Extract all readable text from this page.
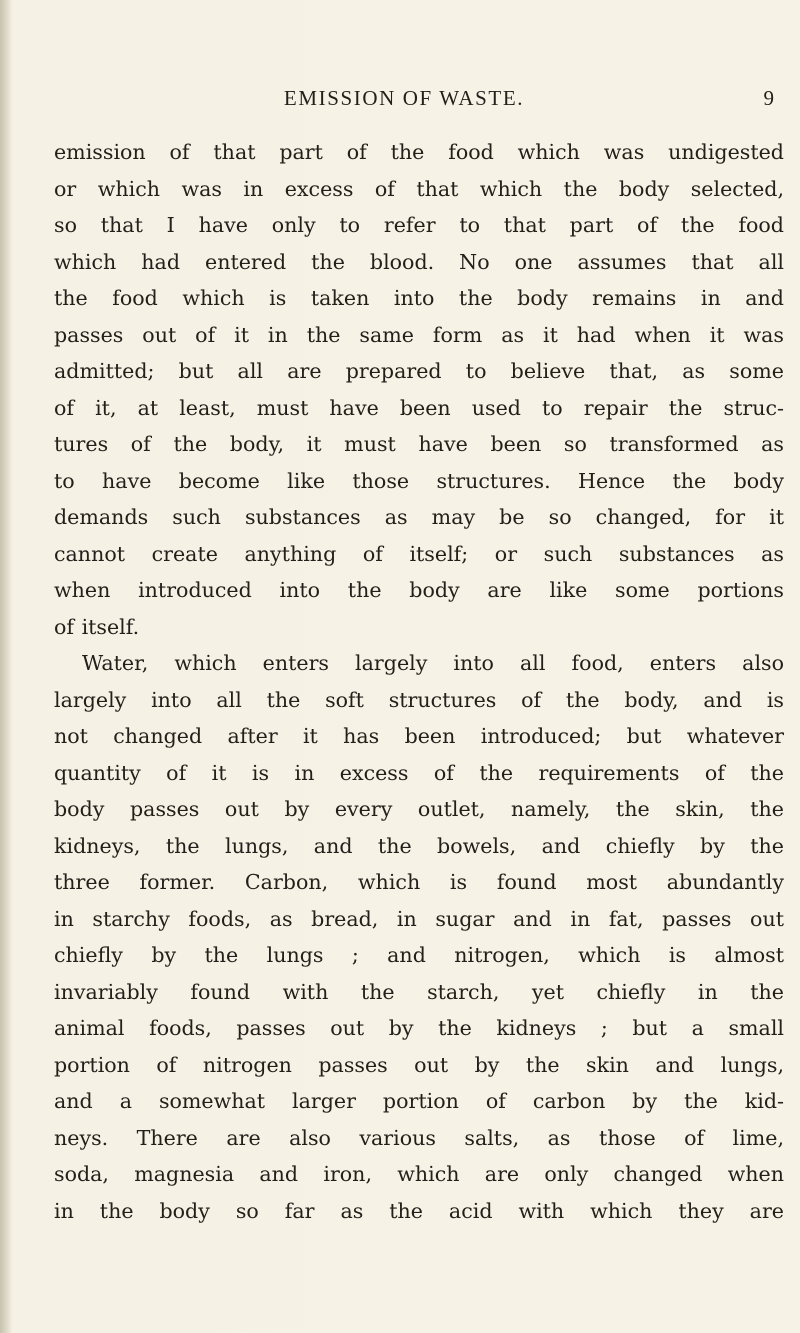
EMISSION OF WASTE.	9
emission of that part of the food which was undigested
or which was in excess of that which the body selected,
so that I have only to refer to that part of the food
which had entered the blood. No one assumes that all
the food which is taken into the body remains in and
passes out of it in the same form as it had when it was
admitted; but all are prepared to believe that, as some
of it, at least, must have been used to repair the struc-
tures of the body, it must have been so transformed as
to have become like those structures. Hence the body
demands such substances as may be so changed, for it
cannot create anything of itself; or such substances as
when introduced into the body are like some portions
of itself.
Water, which enters largely into all food, enters also
largely into all the soft structures of the body, and is
not changed after it has been introduced; but whatever
quantity of it is in excess of the requirements of the
body passes out by every outlet, namely, the skin, the
kidneys, the lungs, and the bowels, and chiefly by the
three former. Carbon, which is found most abundantly
in starchy foods, as bread, in sugar and in fat, passes out
chiefly by the lungs ; and nitrogen, which is almost
invariably found with the starch, yet chiefly in the
animal foods, passes out by the kidneys ; but a small
portion of nitrogen passes out by the skin and lungs,
and a somewhat larger portion of carbon by the kid-
neys. There are also various salts, as those of lime,
soda, magnesia and iron, which are only changed when
in the body so far as the acid with which they are
